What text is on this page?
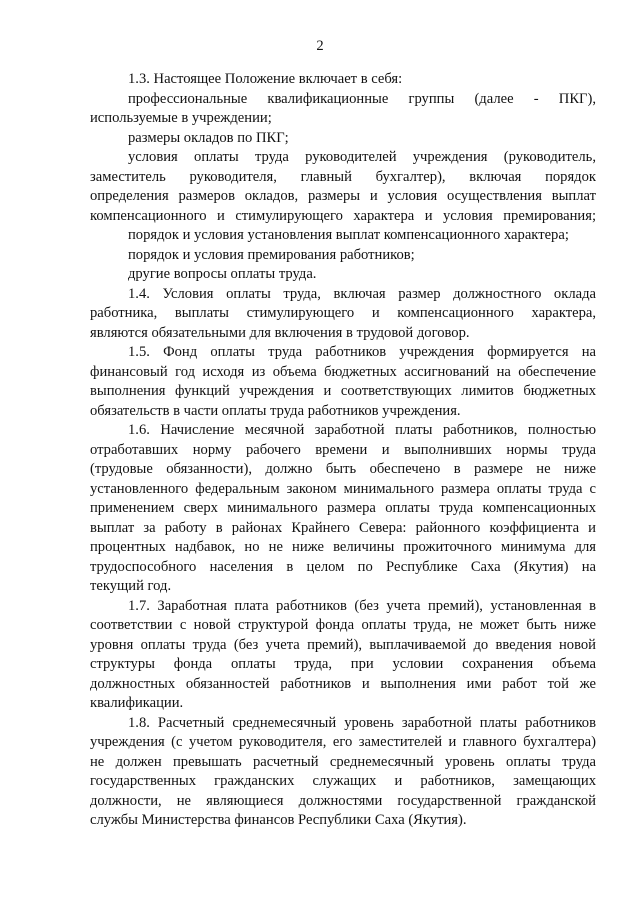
2
1.3. Настоящее Положение включает в себя:
профессиональные квалификационные группы (далее - ПКГ),
используемые в учреждении;
размеры окладов по ПКГ;
условия оплаты труда руководителей учреждения (руководитель,
заместитель руководителя, главный бухгалтер), включая порядок
определения размеров окладов, размеры и условия осуществления выплат
компенсационного и стимулирующего характера и условия премирования;
порядок и условия установления выплат компенсационного характера;
порядок и условия премирования работников;
другие вопросы оплаты труда.
1.4. Условия оплаты труда, включая размер должностного оклада
работника, выплаты стимулирующего и компенсационного характера,
являются обязательными для включения в трудовой договор.
1.5. Фонд оплаты труда работников учреждения формируется на
финансовый год исходя из объема бюджетных ассигнований на обеспечение
выполнения функций учреждения и соответствующих лимитов бюджетных
обязательств в части оплаты труда работников учреждения.
1.6. Начисление месячной заработной платы работников, полностью
отработавших норму рабочего времени и выполнивших нормы труда
(трудовые обязанности), должно быть обеспечено в размере не ниже
установленного федеральным законом минимального размера оплаты труда с
применением сверх минимального размера оплаты труда компенсационных
выплат за работу в районах Крайнего Севера: районного коэффициента и
процентных надбавок, но не ниже величины прожиточного минимума для
трудоспособного населения в целом по Республике Саха (Якутия) на
текущий год.
1.7. Заработная плата работников (без учета премий), установленная в
соответствии с новой структурой фонда оплаты труда, не может быть ниже
уровня оплаты труда (без учета премий), выплачиваемой до введения новой
структуры фонда оплаты труда, при условии сохранения объема
должностных обязанностей работников и выполнения ими работ той же
квалификации.
1.8. Расчетный среднемесячный уровень заработной платы работников
учреждения (с учетом руководителя, его заместителей и главного бухгалтера)
не должен превышать расчетный среднемесячный уровень оплаты труда
государственных гражданских служащих и работников, замещающих
должности, не являющиеся должностями государственной гражданской
службы Министерства финансов Республики Саха (Якутия).
